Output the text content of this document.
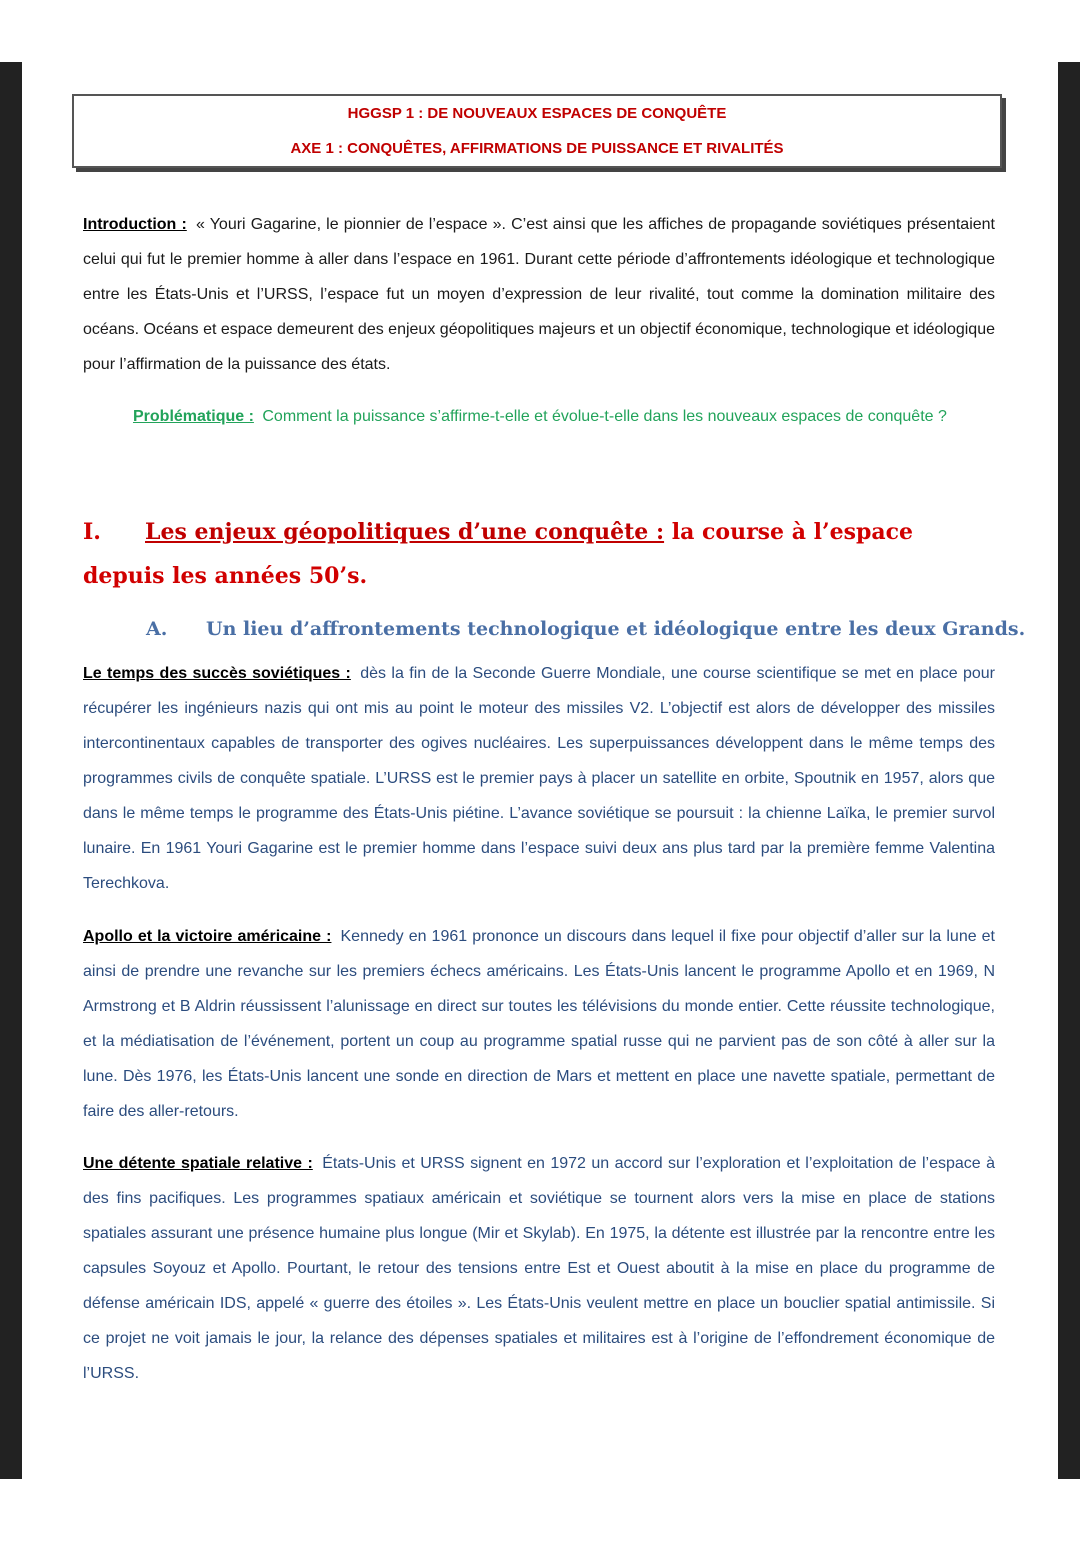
HGGSP 1 : DE NOUVEAUX ESPACES DE CONQUÊTE
AXE 1 : CONQUÊTES, AFFIRMATIONS DE PUISSANCE ET RIVALITÉS
Introduction : « Youri Gagarine, le pionnier de l’espace ». C’est ainsi que les affiches de propagande soviétiques présentaient celui qui fut le premier homme à aller dans l’espace en 1961. Durant cette période d’affrontements idéologique et technologique entre les États-Unis et l’URSS, l’espace fut un moyen d’expression de leur rivalité, tout comme la domination militaire des océans. Océans et espace demeurent des enjeux géopolitiques majeurs et un objectif économique, technologique et idéologique pour l’affirmation de la puissance des états.
Problématique : Comment la puissance s’affirme-t-elle et évolue-t-elle dans les nouveaux espaces de conquête ?
I. Les enjeux géopolitiques d’une conquête : la course à l’espace depuis les années 50’s.
A. Un lieu d’affrontements technologique et idéologique entre les deux Grands.
Le temps des succès soviétiques : dès la fin de la Seconde Guerre Mondiale, une course scientifique se met en place pour récupérer les ingénieurs nazis qui ont mis au point le moteur des missiles V2. L’objectif est alors de développer des missiles intercontinentaux capables de transporter des ogives nucléaires. Les superpuissances développent dans le même temps des programmes civils de conquête spatiale. L’URSS est le premier pays à placer un satellite en orbite, Spoutnik en 1957, alors que dans le même temps le programme des États-Unis piétine. L’avance soviétique se poursuit : la chienne Laïka, le premier survol lunaire. En 1961 Youri Gagarine est le premier homme dans l’espace suivi deux ans plus tard par la première femme Valentina Terechkova.
Apollo et la victoire américaine : Kennedy en 1961 prononce un discours dans lequel il fixe pour objectif d’aller sur la lune et ainsi de prendre une revanche sur les premiers échecs américains. Les États-Unis lancent le programme Apollo et en 1969, N Armstrong et B Aldrin réussissent l’alunissage en direct sur toutes les télévisions du monde entier. Cette réussite technologique, et la médiatisation de l’événement, portent un coup au programme spatial russe qui ne parvient pas de son côté à aller sur la lune. Dès 1976, les États-Unis lancent une sonde en direction de Mars et mettent en place une navette spatiale, permettant de faire des aller-retours.
Une détente spatiale relative : États-Unis et URSS signent en 1972 un accord sur l’exploration et l’exploitation de l’espace à des fins pacifiques. Les programmes spatiaux américain et soviétique se tournent alors vers la mise en place de stations spatiales assurant une présence humaine plus longue (Mir et Skylab). En 1975, la détente est illustrée par la rencontre entre les capsules Soyouz et Apollo. Pourtant, le retour des tensions entre Est et Ouest aboutit à la mise en place du programme de défense américain IDS, appelé « guerre des étoiles ». Les États-Unis veulent mettre en place un bouclier spatial antimissile. Si ce projet ne voit jamais le jour, la relance des dépenses spatiales et militaires est à l’origine de l’effondrement économique de l’URSS.
